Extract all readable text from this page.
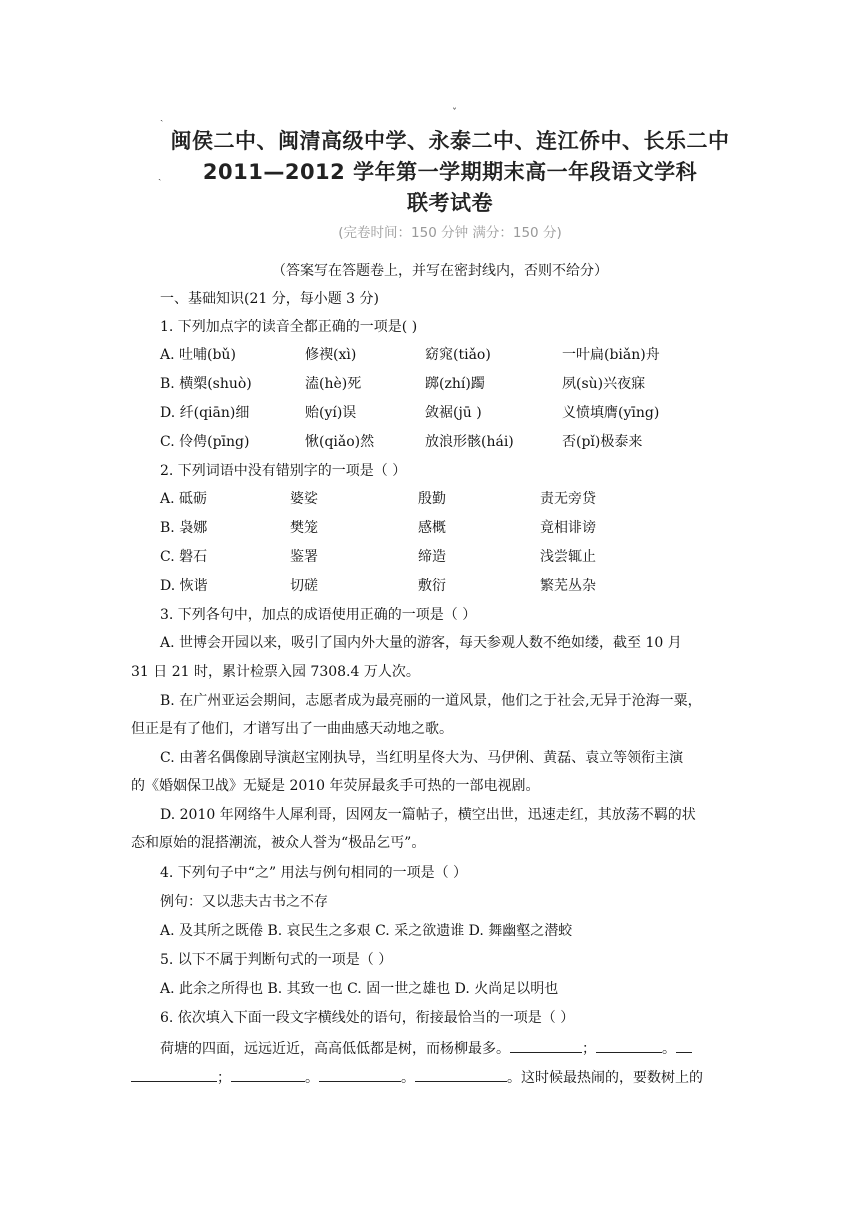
ˏ	ˇ
ˏ
闽侯二中、闽清高级中学、永泰二中、连江侨中、长乐二中
2011—2012 学年第一学期期末高一年段语文学科
联考试卷
(完卷时间：150 分钟 满分：150 分)
（答案写在答题卷上，并写在密封线内，否则不给分）
一、基础知识(21 分，每小题 3 分)
1. 下列加点字的读音全都正确的一项是( )
A. 吐哺(bǔ)	修禊(xì)	窈窕(tiǎo)	一叶扁(biǎn)舟
B. 横槊(shuò)	溘(hè)死	踯(zhí)躅	夙(sù)兴夜寐
D. 纤(qiān)细	贻(yí)误	敛裾(jū )	义愤填膺(yīng)
C. 伶俜(pīng)	愀(qiǎo)然	放浪形骸(hái)	否(pǐ)极泰来
2. 下列词语中没有错别字的一项是（ ）
A. 砥砺	婆娑	殷勤	责无旁贷
B. 袅娜	樊笼	感概	竟相诽谤
C. 磐石	鉴署	缔造	浅尝辄止
D. 恢谐	切磋	敷衍	繁芜丛杂
3. 下列各句中，加点的成语使用正确的一项是（ ）
A. 世博会开园以来，吸引了国内外大量的游客，每天参观人数不绝如缕，截至 10 月
31 日 21 时，累计检票入园 7308.4 万人次。
B. 在广州亚运会期间，志愿者成为最亮丽的一道风景，他们之于社会,无异于沧海一粟，
但正是有了他们，才谱写出了一曲曲感天动地之歌。
C. 由著名偶像剧导演赵宝刚执导，当红明星佟大为、马伊俐、黄磊、袁立等领衔主演
的《婚姻保卫战》无疑是 2010 年荧屏最炙手可热的一部电视剧。
D. 2010 年网络牛人犀利哥，因网友一篇帖子，横空出世，迅速走红，其放荡不羁的状
态和原始的混搭潮流，被众人誉为“极品乞丐”。
4. 下列句子中“之” 用法与例句相同的一项是（ ）
例句：又以悲夫古书之不存
A. 及其所之既倦 B. 哀民生之多艰 C. 采之欲遗谁 D. 舞幽壑之潜蛟
5. 以下不属于判断句式的一项是（ ）
A. 此余之所得也 B. 其致一也 C. 固一世之雄也 D. 火尚足以明也
6. 依次填入下面一段文字横线处的语句，衔接最恰当的一项是（ ）
荷塘的四面，远远近近，高高低低都是树，而杨柳最多。	；	。
；	。	。	。这时候最热闹的，要数树上的
